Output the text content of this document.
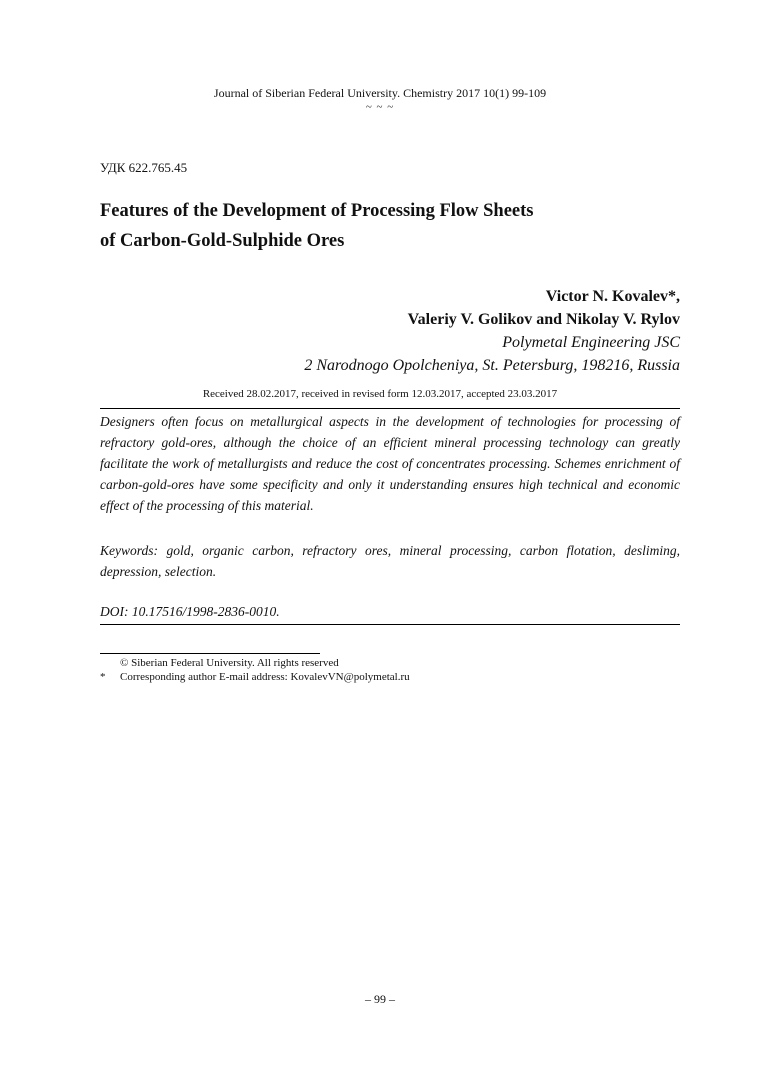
Journal of Siberian Federal University. Chemistry 2017 10(1) 99-109
~ ~ ~
УДК 622.765.45
Features of the Development of Processing Flow Sheets
of Carbon-Gold-Sulphide Ores
Victor N. Kovalev*,
Valeriy V. Golikov and Nikolay V. Rylov
Polymetal Engineering JSC
2 Narodnogo Opolcheniya, St. Petersburg, 198216, Russia
Received 28.02.2017, received in revised form 12.03.2017, accepted 23.03.2017
Designers often focus on metallurgical aspects in the development of technologies for processing of refractory gold-ores, although the choice of an efficient mineral processing technology can greatly facilitate the work of metallurgists and reduce the cost of concentrates processing. Schemes enrichment of carbon-gold-ores have some specificity and only it understanding ensures high technical and economic effect of the processing of this material.
Keywords: gold, organic carbon, refractory ores, mineral processing, carbon flotation, desliming, depression, selection.
DOI: 10.17516/1998-2836-0010.
© Siberian Federal University. All rights reserved
* Corresponding author E-mail address: KovalevVN@polymetal.ru
– 99 –
